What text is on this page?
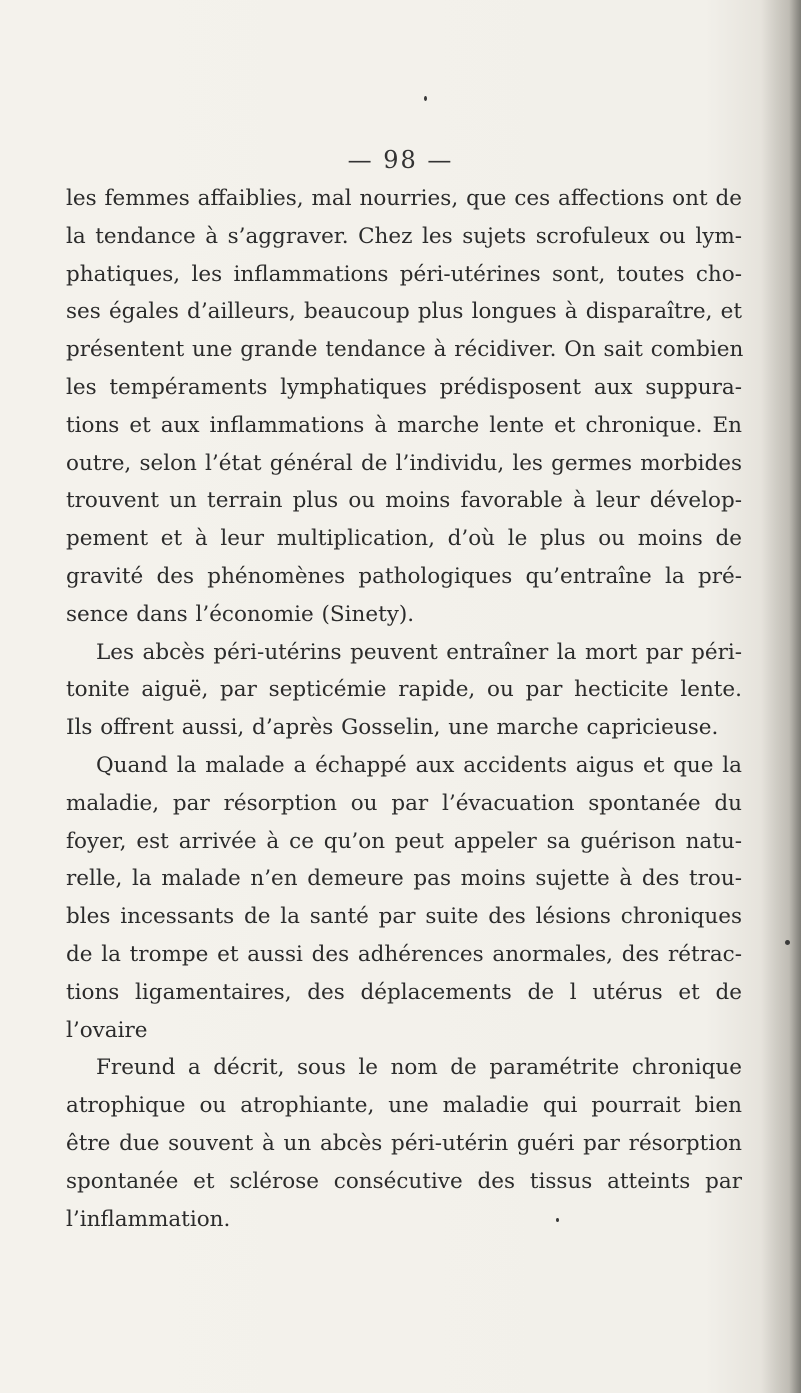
— 98 —
les femmes affaiblies, mal nourries, que ces affections ont de
la tendance à s’aggraver. Chez les sujets scrofuleux ou lym-
phatiques, les inflammations péri-utérines sont, toutes cho-
ses égales d’ailleurs, beaucoup plus longues à disparaître, et
présentent une grande tendance à récidiver. On sait combien
les tempéraments lymphatiques prédisposent aux suppura-
tions et aux inflammations à marche lente et chronique. En
outre, selon l’état général de l’individu, les germes morbides
trouvent un terrain plus ou moins favorable à leur dévelop-
pement et à leur multiplication, d’où le plus ou moins de
gravité des phénomènes pathologiques qu’entraîne la pré-
sence dans l’économie (Sinety).
Les abcès péri-utérins peuvent entraîner la mort par péri-
tonite aiguë, par septicémie rapide, ou par hecticite lente.
Ils offrent aussi, d’après Gosselin, une marche capricieuse.
Quand la malade a échappé aux accidents aigus et que la
maladie, par résorption ou par l’évacuation spontanée du
foyer, est arrivée à ce qu’on peut appeler sa guérison natu-
relle, la malade n’en demeure pas moins sujette à des trou-
bles incessants de la santé par suite des lésions chroniques
de la trompe et aussi des adhérences anormales, des rétrac-
tions ligamentaires, des déplacements de l utérus et de
l’ovaire
Freund a décrit, sous le nom de paramétrite chronique
atrophique ou atrophiante, une maladie qui pourrait bien
être due souvent à un abcès péri-utérin guéri par résorption
spontanée et sclérose consécutive des tissus atteints par
l’inflammation.
